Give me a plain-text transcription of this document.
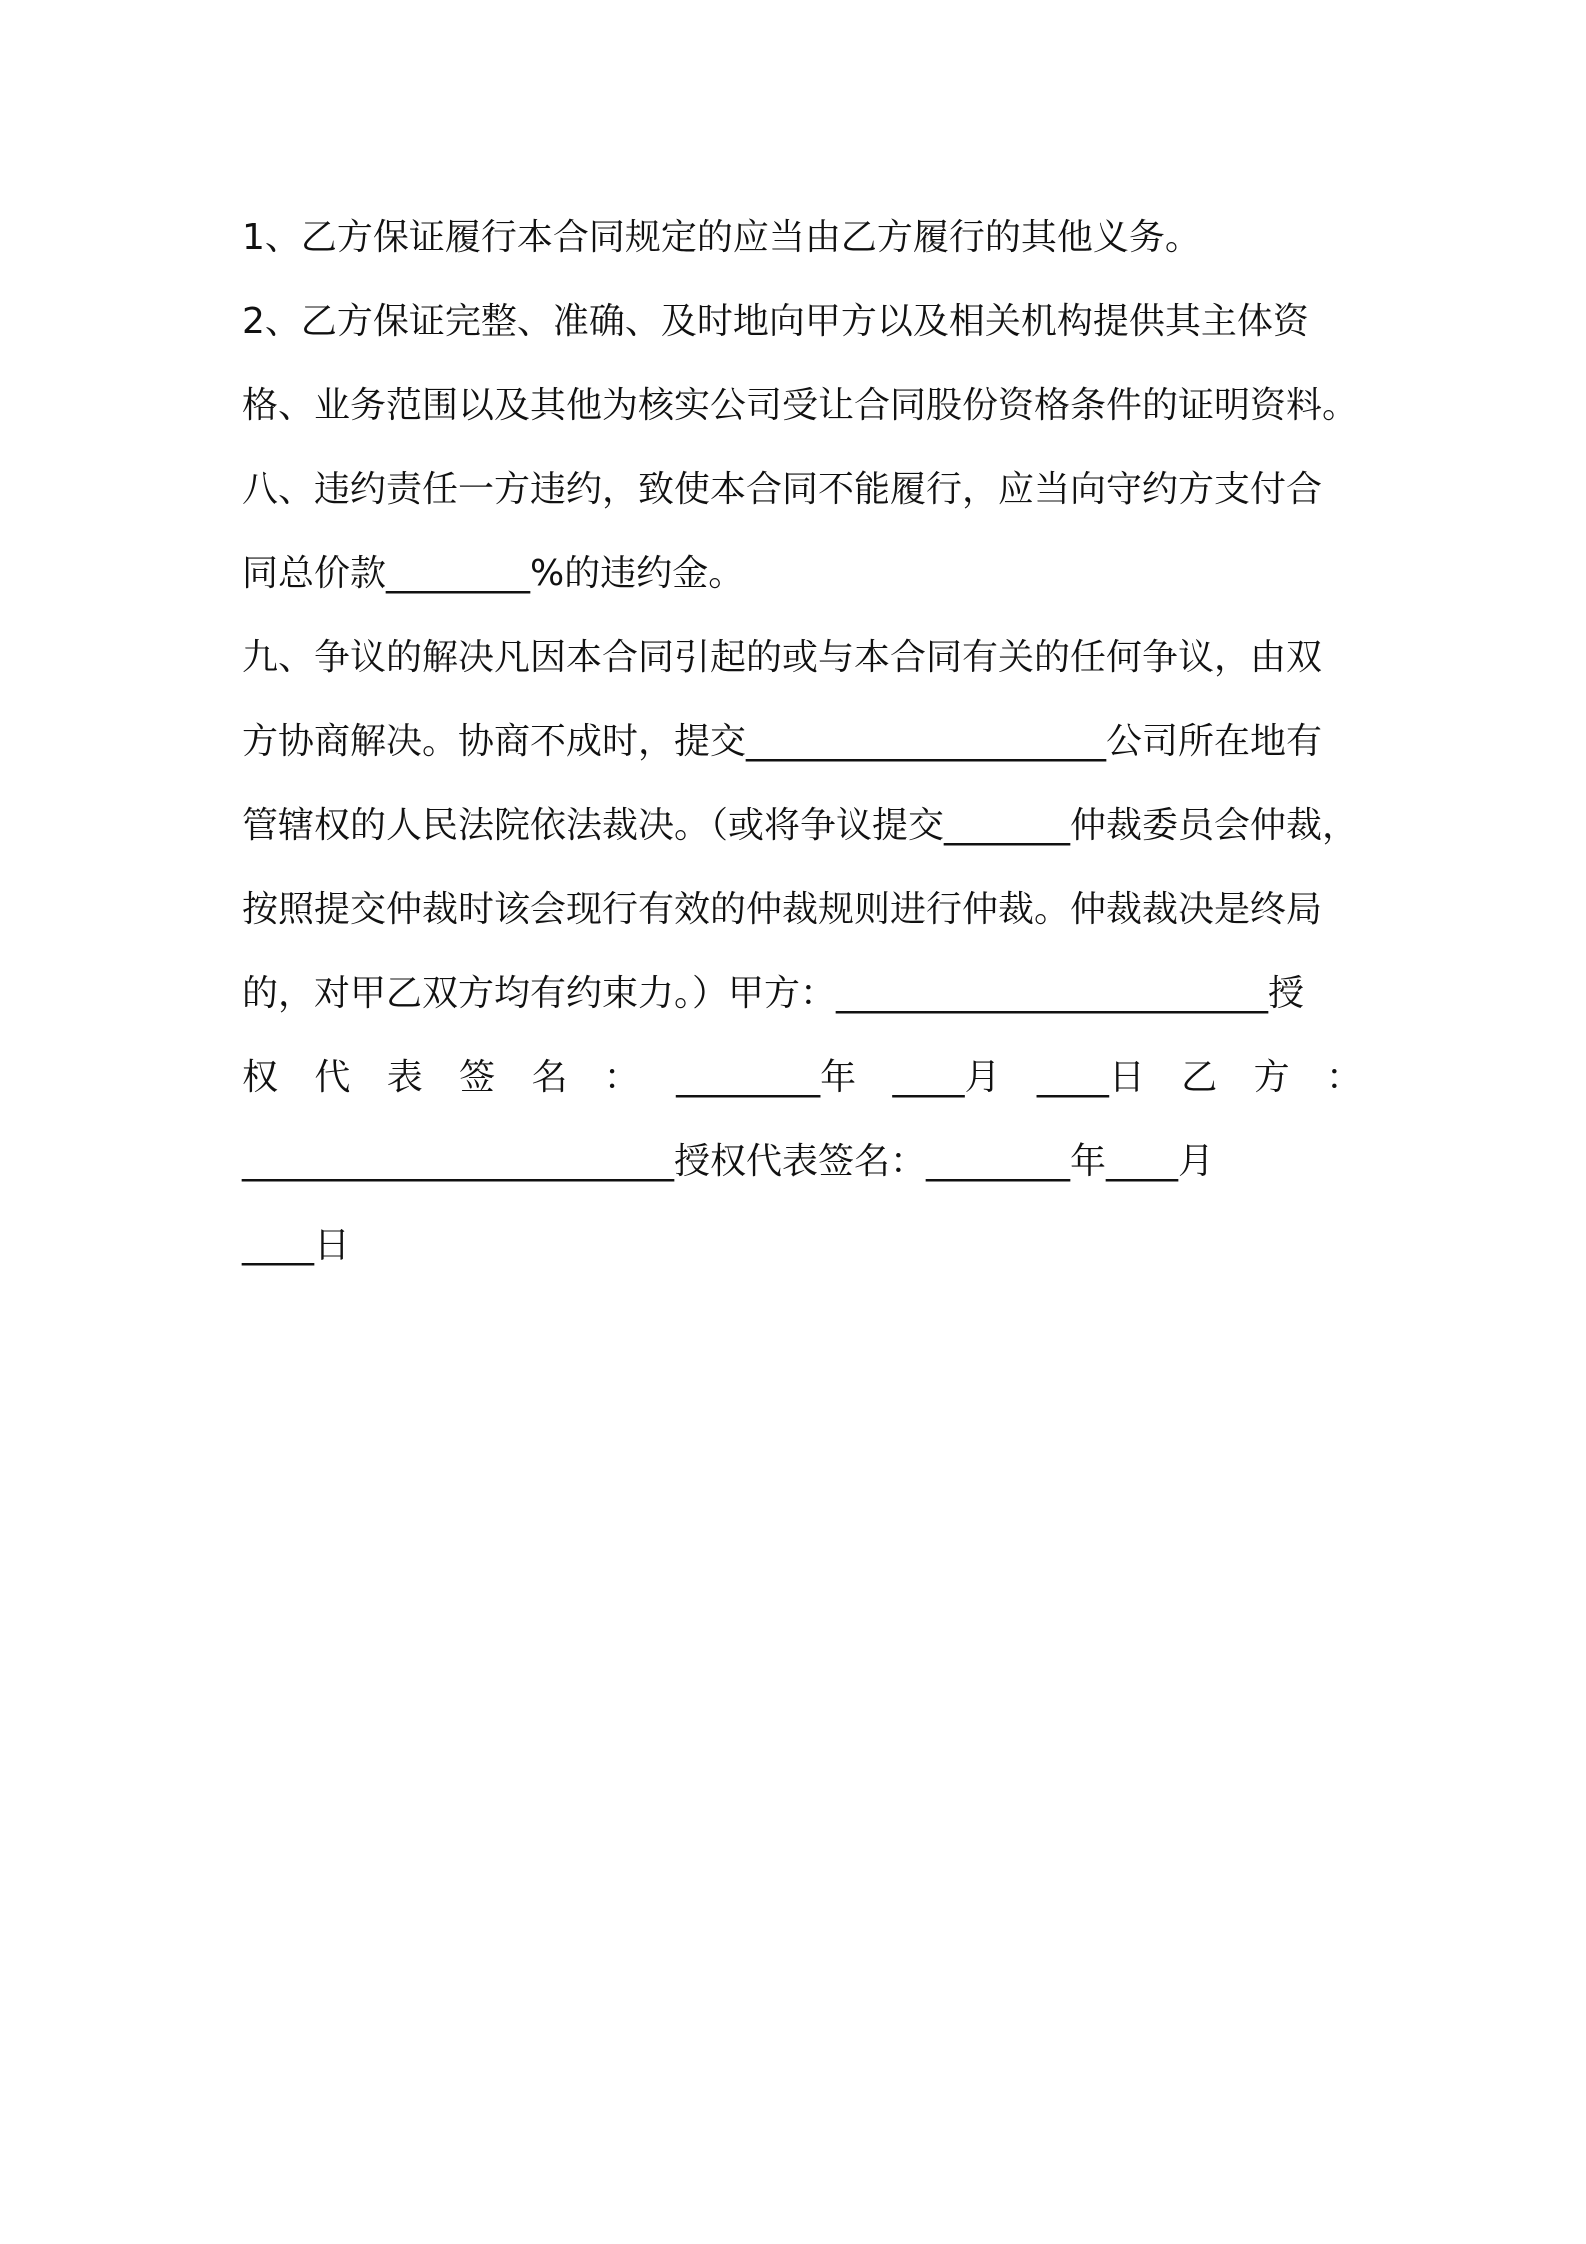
1、乙方保证履行本合同规定的应当由乙方履行的其他义务。
2、乙方保证完整、准确、及时地向甲方以及相关机构提供其主体资
格、业务范围以及其他为核实公司受让合同股份资格条件的证明资料。
八、违约责任一方违约，致使本合同不能履行，应当向守约方支付合
同总价款________%的违约金。
九、争议的解决凡因本合同引起的或与本合同有关的任何争议，由双
方协商解决。协商不成时，提交____________________公司所在地有
管辖权的人民法院依法裁决。（或将争议提交_______仲裁委员会仲裁，
按照提交仲裁时该会现行有效的仲裁规则进行仲裁。仲裁裁决是终局
的，对甲乙双方均有约束力。）甲方：________________________授
权 代 表 签 名 ： ________年 ____月 ____日 乙 方 ：
________________________授权代表签名：________年____月
____日
